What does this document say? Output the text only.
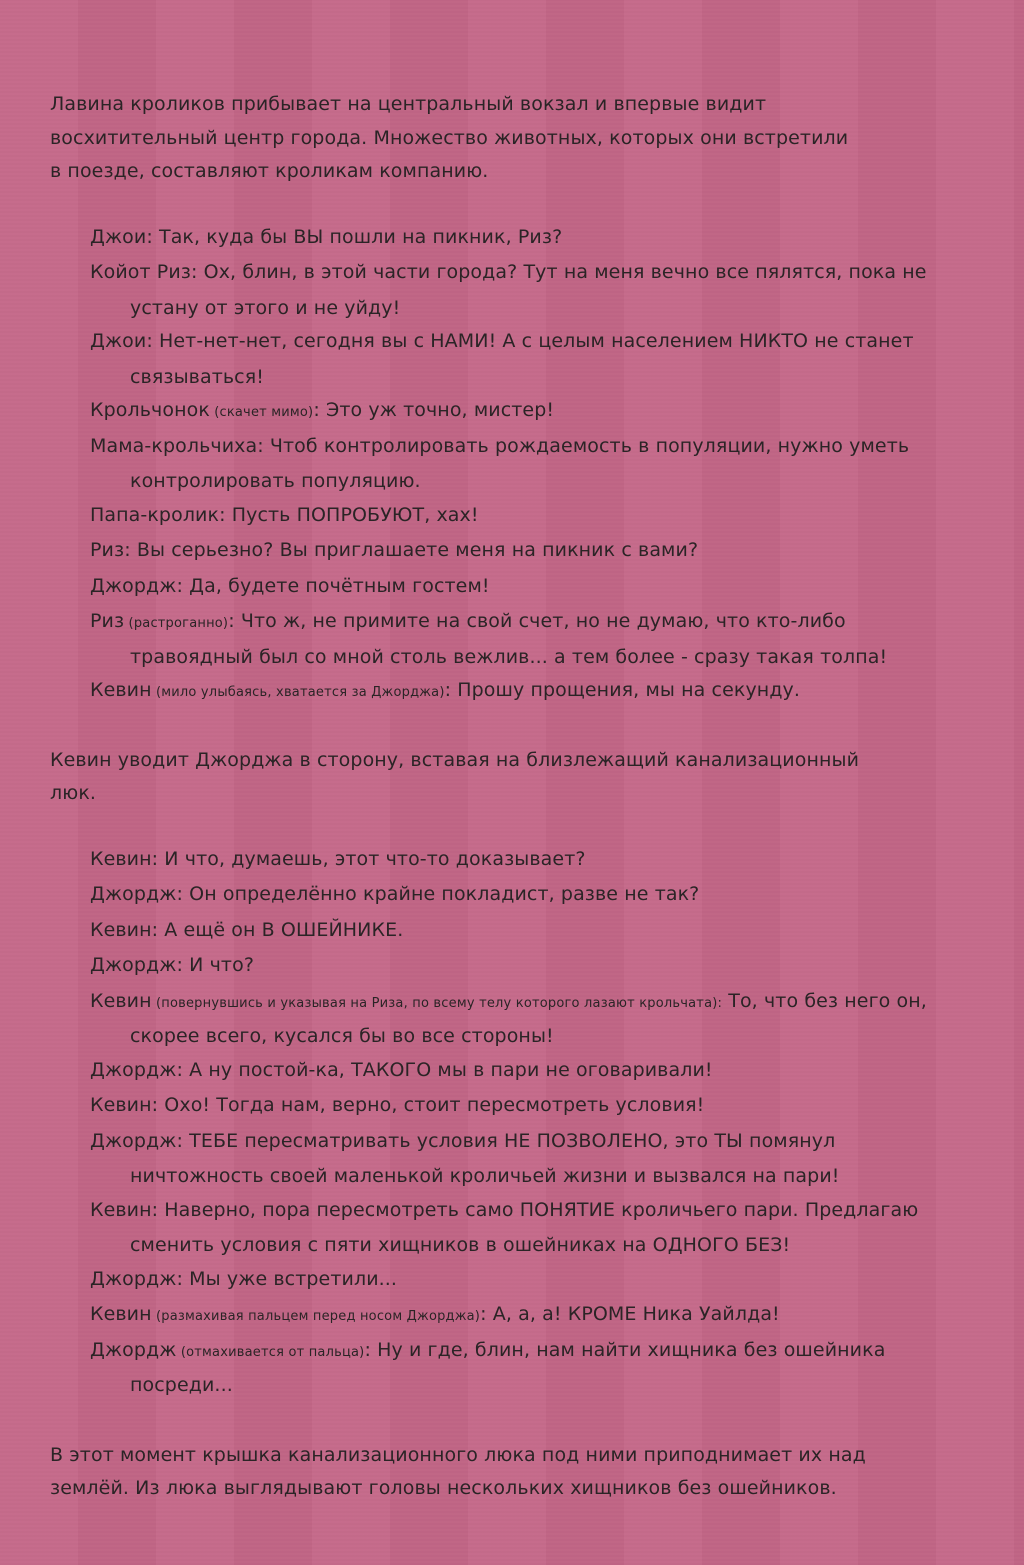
Лавина кроликов прибывает на центральный вокзал и впервые видит

восхитительный центр города. Множество животных, которых они встретили

в поезде, составляют кроликам компанию.

Джои: Так, куда бы ВЫ пошли на пикник, Риз?

Койот Риз: Ох, блин, в этой части города? Тут на меня вечно все пялятся, пока не устану от этого и не уйду!

Джои: Нет-нет-нет, сегодня вы с НАМИ! А с целым населением НИКТО не станет связываться!

Крольчонок (скачет мимо): Это уж точно, мистер!

Мама-крольчиха: Чтоб контролировать рождаемость в популяции, нужно уметь контролировать популяцию.

Папа-кролик: Пусть ПОПРОБУЮТ, хах!

Риз: Вы серьезно? Вы приглашаете меня на пикник с вами?

Джордж: Да, будете почётным гостем!

Риз (растроганно): Что ж, не примите на свой счет, но не думаю, что кто-либо травоядный был со мной столь вежлив... а тем более - сразу такая толпа!

Кевин (мило улыбаясь, хватается за Джорджа): Прошу прощения, мы на секунду.

Кевин уводит Джорджа в сторону, вставая на близлежащий канализационный

люк.

Кевин: И что, думаешь, этот что-то доказывает?

Джордж: Он определённо крайне покладист, разве не так?

Кевин: А ещё он В ОШЕЙНИКЕ.

Джордж: И что?

Кевин (повернувшись и указывая на Риза, по всему телу которого лазают крольчата): То, что без него он, скорее всего, кусался бы во все стороны!

Джордж: А ну постой-ка, ТАКОГО мы в пари не оговаривали!

Кевин: Охо! Тогда нам, верно, стоит пересмотреть условия!

Джордж: ТЕБЕ пересматривать условия НЕ ПОЗВОЛЕНО, это ТЫ помянул ничтожность своей маленькой кроличьей жизни и вызвался на пари!

Кевин: Наверно, пора пересмотреть само ПОНЯТИЕ кроличьего пари. Предлагаю сменить условия с пяти хищников в ошейниках на ОДНОГО БЕЗ!

Джордж: Мы уже встретили...

Кевин (размахивая пальцем перед носом Джорджа): А, а, а! КРОМЕ Ника Уайлда!

Джордж (отмахивается от пальца): Ну и где, блин, нам найти хищника без ошейника посреди...

В этот момент крышка канализационного люка под ними приподнимает их над

землёй. Из люка выглядывают головы нескольких хищников без ошейников.
